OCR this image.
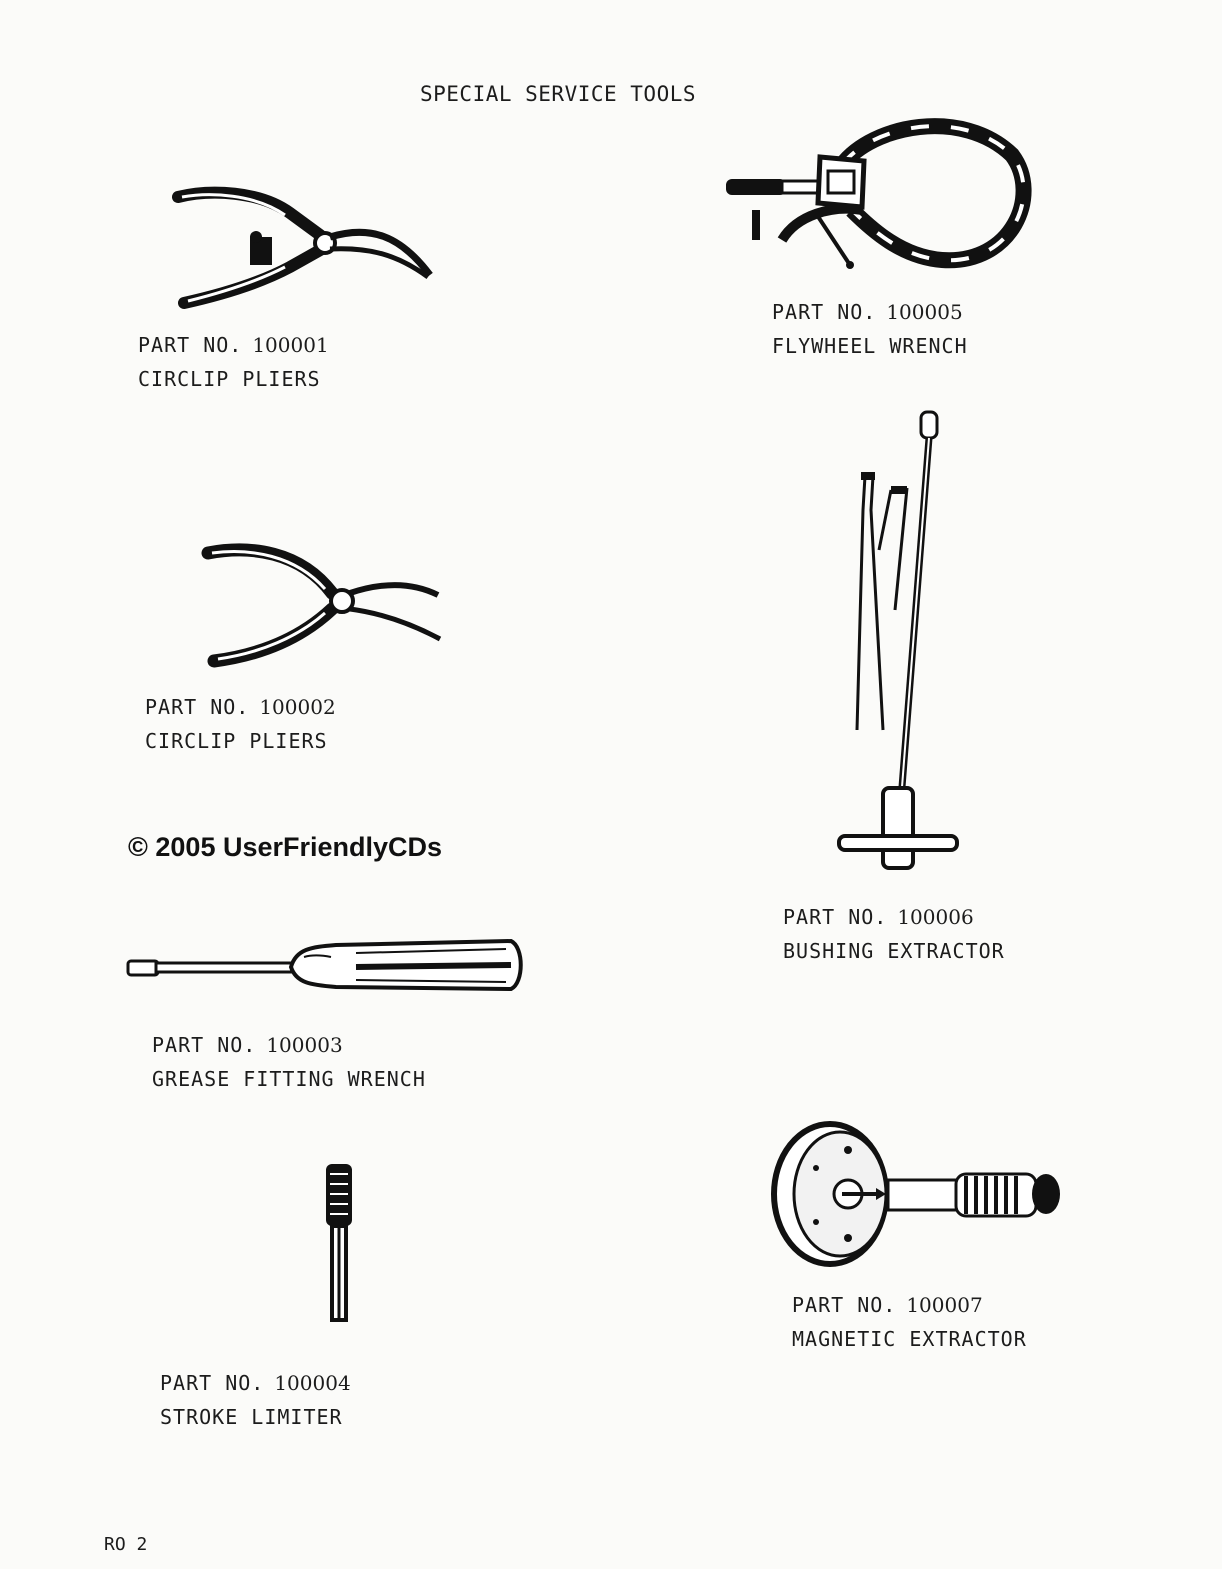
SPECIAL SERVICE TOOLS
PART NO. 100001
CIRCLIP PLIERS
PART NO. 100002
CIRCLIP PLIERS
© 2005 UserFriendlyCDs
PART NO. 100003
GREASE FITTING WRENCH
PART NO. 100004
STROKE LIMITER
PART NO. 100005
FLYWHEEL WRENCH
PART NO. 100006
BUSHING EXTRACTOR
PART NO. 100007
MAGNETIC EXTRACTOR
RO 2
